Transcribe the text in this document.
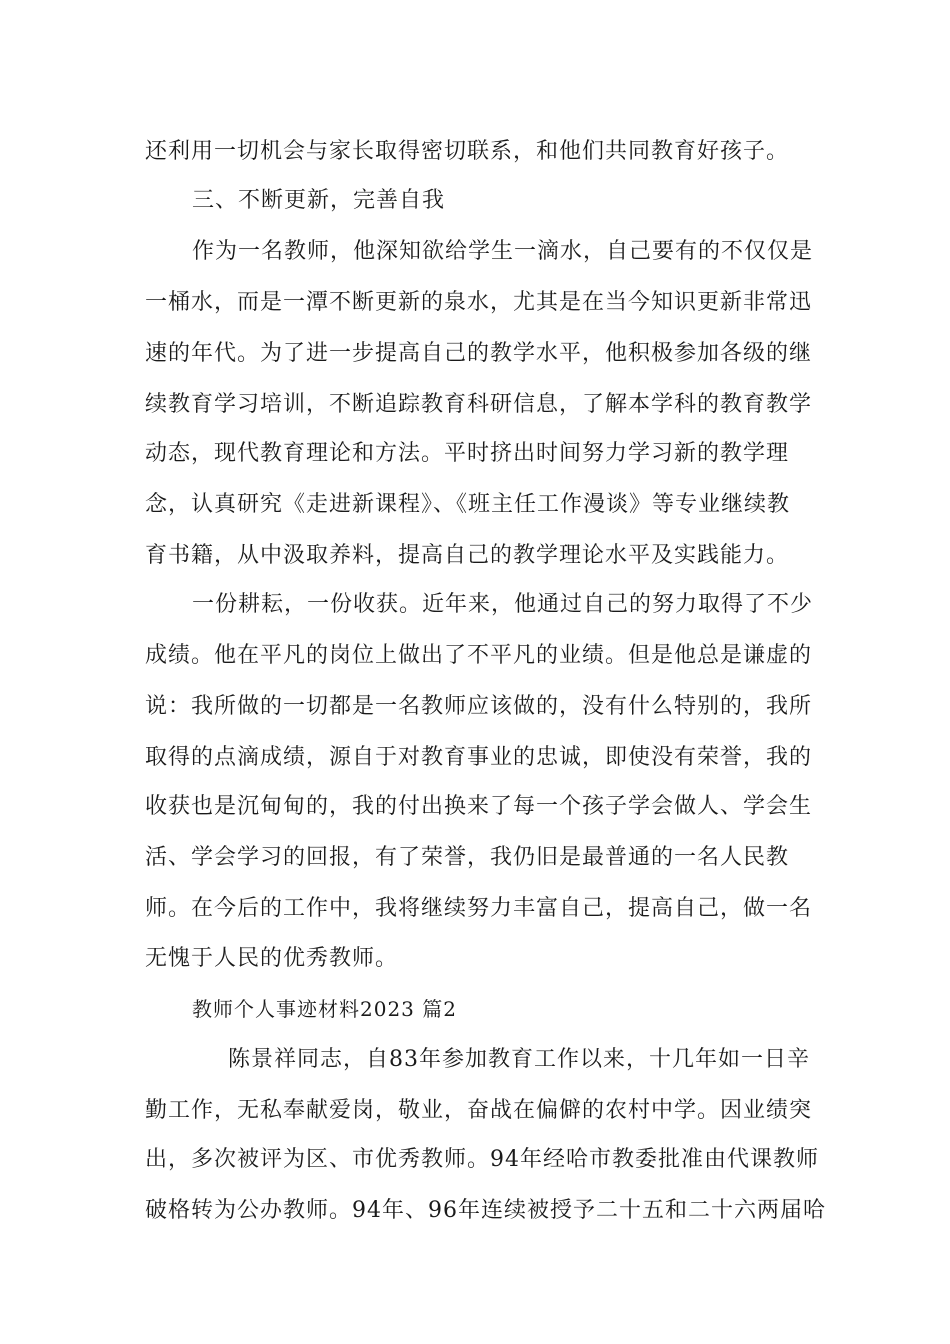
还利用一切机会与家长取得密切联系，和他们共同教育好孩子。
三、不断更新，完善自我
作为一名教师，他深知欲给学生一滴水，自己要有的不仅仅是
一桶水，而是一潭不断更新的泉水，尤其是在当今知识更新非常迅
速的年代。为了进一步提高自己的教学水平，他积极参加各级的继
续教育学习培训，不断追踪教育科研信息，了解本学科的教育教学
动态，现代教育理论和方法。平时挤出时间努力学习新的教学理
念，认真研究《走进新课程》、《班主任工作漫谈》等专业继续教
育书籍，从中汲取养料，提高自己的教学理论水平及实践能力。
一份耕耘，一份收获。近年来，他通过自己的努力取得了不少
成绩。他在平凡的岗位上做出了不平凡的业绩。但是他总是谦虚的
说：我所做的一切都是一名教师应该做的，没有什么特别的，我所
取得的点滴成绩，源自于对教育事业的忠诚，即使没有荣誉，我的
收获也是沉甸甸的，我的付出换来了每一个孩子学会做人、学会生
活、学会学习的回报，有了荣誉，我仍旧是最普通的一名人民教
师。在今后的工作中，我将继续努力丰富自己，提高自己，做一名
无愧于人民的优秀教师。
教师个人事迹材料2023 篇2
陈景祥同志，自83年参加教育工作以来，十几年如一日辛
勤工作，无私奉献爱岗，敬业，奋战在偏僻的农村中学。因业绩突
出，多次被评为区、市优秀教师。94年经哈市教委批准由代课教师
破格转为公办教师。94年、96年连续被授予二十五和二十六两届哈
